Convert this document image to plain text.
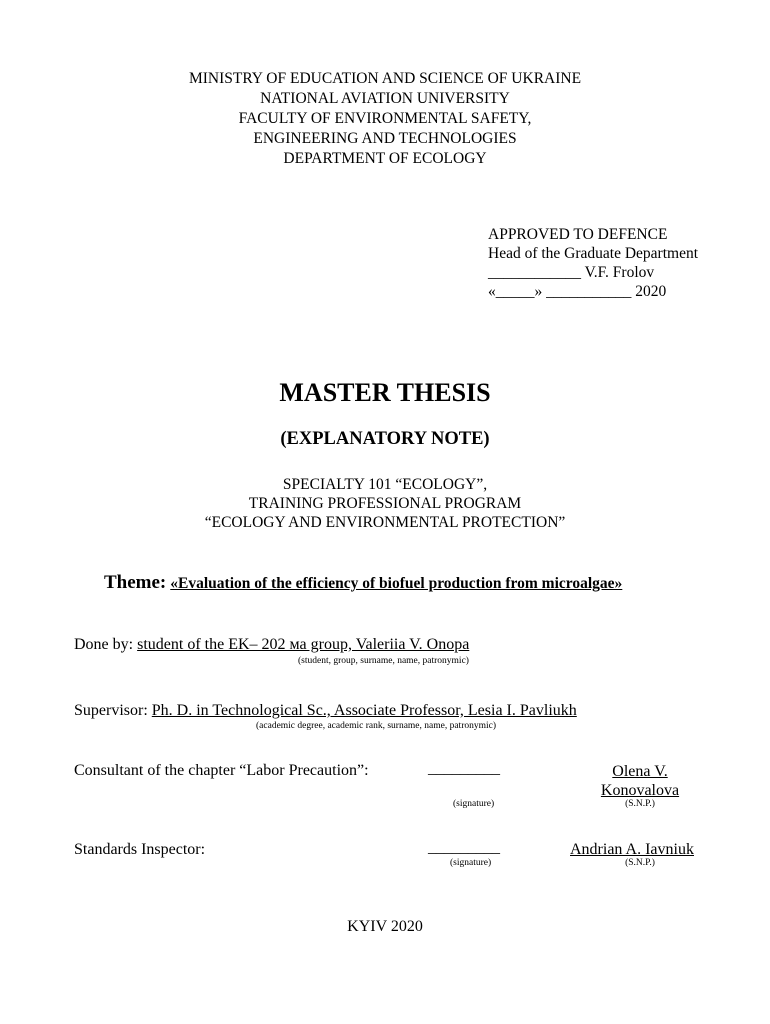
MINISTRY OF EDUCATION AND SCIENCE OF UKRAINE
NATIONAL AVIATION UNIVERSITY
FACULTY OF ENVIRONMENTAL SAFETY,
ENGINEERING AND TECHNOLOGIES
DEPARTMENT OF ECOLOGY
APPROVED TO DEFENCE
Head of the Graduate Department
____________ V.F. Frolov
«_____» ___________ 2020
MASTER THESIS
(EXPLANATORY NOTE)
SPECIALTY 101 “ECOLOGY”,
TRAINING PROFESSIONAL PROGRAM
“ECOLOGY AND ENVIRONMENTAL PROTECTION”
Theme: «Evaluation of the efficiency of biofuel production from microalgae»
Done by: student of the EK– 202 ма group, Valeriia V. Onopa
(student, group, surname, name, patronymic)
Supervisor: Ph. D. in Technological Sc., Associate Professor, Lesia I. Pavliukh
(academic degree, academic rank, surname, name, patronymic)
Consultant of the chapter “Labor Precaution”:	_________
(signature)
Olena V.
Konovalova
(S.N.P.)
Standards Inspector:	_________
(signature)
Andrian A. Iavniuk
(S.N.P.)
KYIV 2020
